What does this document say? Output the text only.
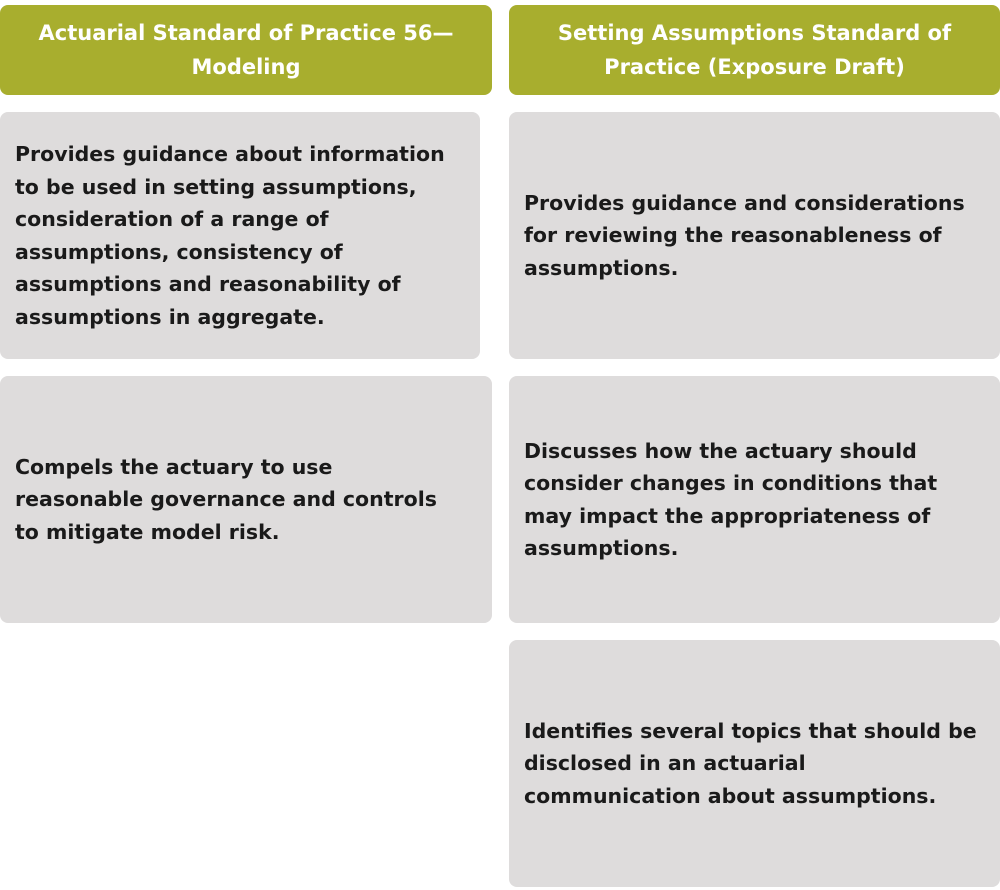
Actuarial Standard of Practice 56— Modeling
Provides guidance about information to be used in setting assumptions, consideration of a range of assumptions, consistency of assumptions and reasonability of assumptions in aggregate.
Compels the actuary to use reasonable governance and controls to mitigate model risk.
Setting Assumptions Standard of Practice (Exposure Draft)
Provides guidance and considerations for reviewing the reasonableness of assumptions.
Discusses how the actuary should consider changes in conditions that may impact the appropriateness of assumptions.
Identifies several topics that should be disclosed in an actuarial communication about assumptions.
